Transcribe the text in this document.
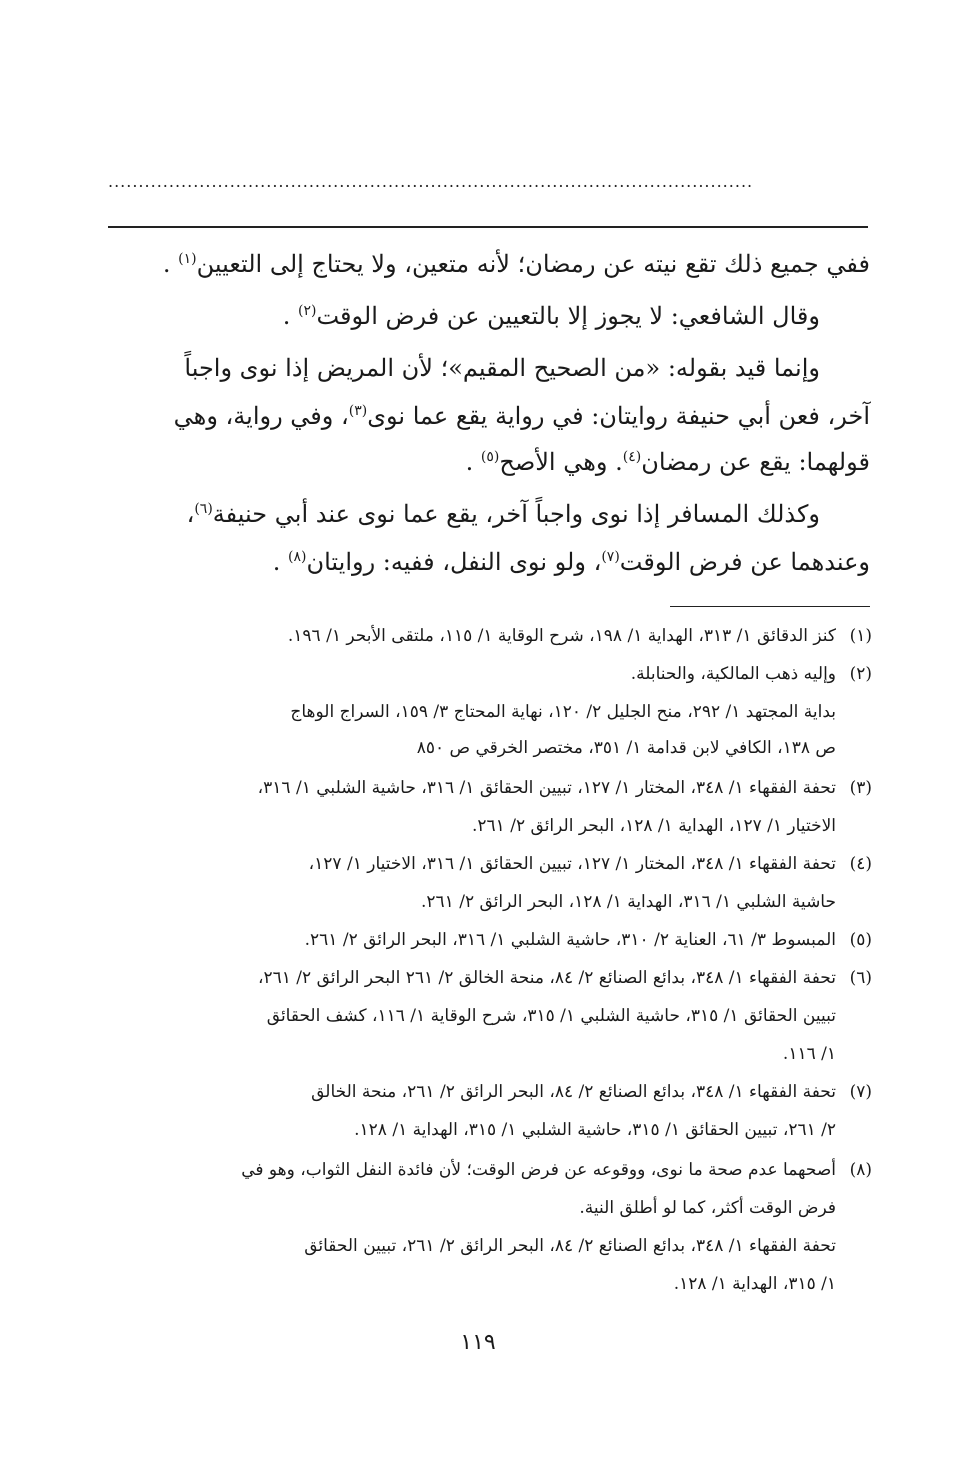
..........................................................................................................
ففي جميع ذلك تقع نيته عن رمضان؛ لأنه متعين، ولا يحتاج إلى التعيين$^{(١)}$ .
وقال الشافعي: لا يجوز إلا بالتعيين عن فرض الوقت$^{(٢)}$ .
وإنما قيد بقوله: «من الصحيح المقيم»؛ لأن المريض إذا نوى واجباً
آخر، فعن أبي حنيفة روايتان: في رواية يقع عما نوى$^{(٣)}$، وفي رواية، وهي
قولهما: يقع عن رمضان$^{(٤)}$. وهي الأصح$^{(٥)}$ .
وكذلك المسافر إذا نوى واجباً آخر، يقع عما نوى عند أبي حنيفة$^{(٦)}$،
وعندهما عن فرض الوقت$^{(٧)}$، ولو نوى النفل، ففيه: روايتان$^{(٨)}$ .
(١)كنز الدقائق ١/ ٣١٣، الهداية ١/ ١٩٨، شرح الوقاية ١/ ١١٥، ملتقى الأبحر ١/ ١٩٦.
(٢)وإليه ذهب المالكية، والحنابلة.
بداية المجتهد ١/ ٢٩٢، منح الجليل ٢/ ١٢٠، نهاية المحتاج ٣/ ١٥٩، السراج الوهاج
ص ١٣٨، الكافي لابن قدامة ١/ ٣٥١، مختصر الخرقي ص ٨٥٠
(٣)تحفة الفقهاء ١/ ٣٤٨، المختار ١/ ١٢٧، تبيين الحقائق ١/ ٣١٦، حاشية الشلبي ١/ ٣١٦،
الاختيار ١/ ١٢٧، الهداية ١/ ١٢٨، البحر الرائق ٢/ ٢٦١.
(٤)تحفة الفقهاء ١/ ٣٤٨، المختار ١/ ١٢٧، تبيين الحقائق ١/ ٣١٦، الاختيار ١/ ١٢٧،
حاشية الشلبي ١/ ٣١٦، الهداية ١/ ١٢٨، البحر الرائق ٢/ ٢٦١.
(٥)المبسوط ٣/ ٦١، العناية ٢/ ٣١٠، حاشية الشلبي ١/ ٣١٦، البحر الرائق ٢/ ٢٦١.
(٦)تحفة الفقهاء ١/ ٣٤٨، بدائع الصنائع ٢/ ٨٤، منحة الخالق ٢/ ٢٦١ البحر الرائق ٢/ ٢٦١،
تبيين الحقائق ١/ ٣١٥، حاشية الشلبي ١/ ٣١٥، شرح الوقاية ١/ ١١٦، كشف الحقائق
١/ ١١٦.
(٧)تحفة الفقهاء ١/ ٣٤٨، بدائع الصنائع ٢/ ٨٤، البحر الرائق ٢/ ٢٦١، منحة الخالق
٢/ ٢٦١، تبيين الحقائق ١/ ٣١٥، حاشية الشلبي ١/ ٣١٥، الهداية ١/ ١٢٨.
(٨)أصحهما عدم صحة ما نوى، ووقوعه عن فرض الوقت؛ لأن فائدة النفل الثواب، وهو في
فرض الوقت أكثر، كما لو أطلق النية.
تحفة الفقهاء ١/ ٣٤٨، بدائع الصنائع ٢/ ٨٤، البحر الرائق ٢/ ٢٦١، تبيين الحقائق
١/ ٣١٥، الهداية ١/ ١٢٨.
١١٩
